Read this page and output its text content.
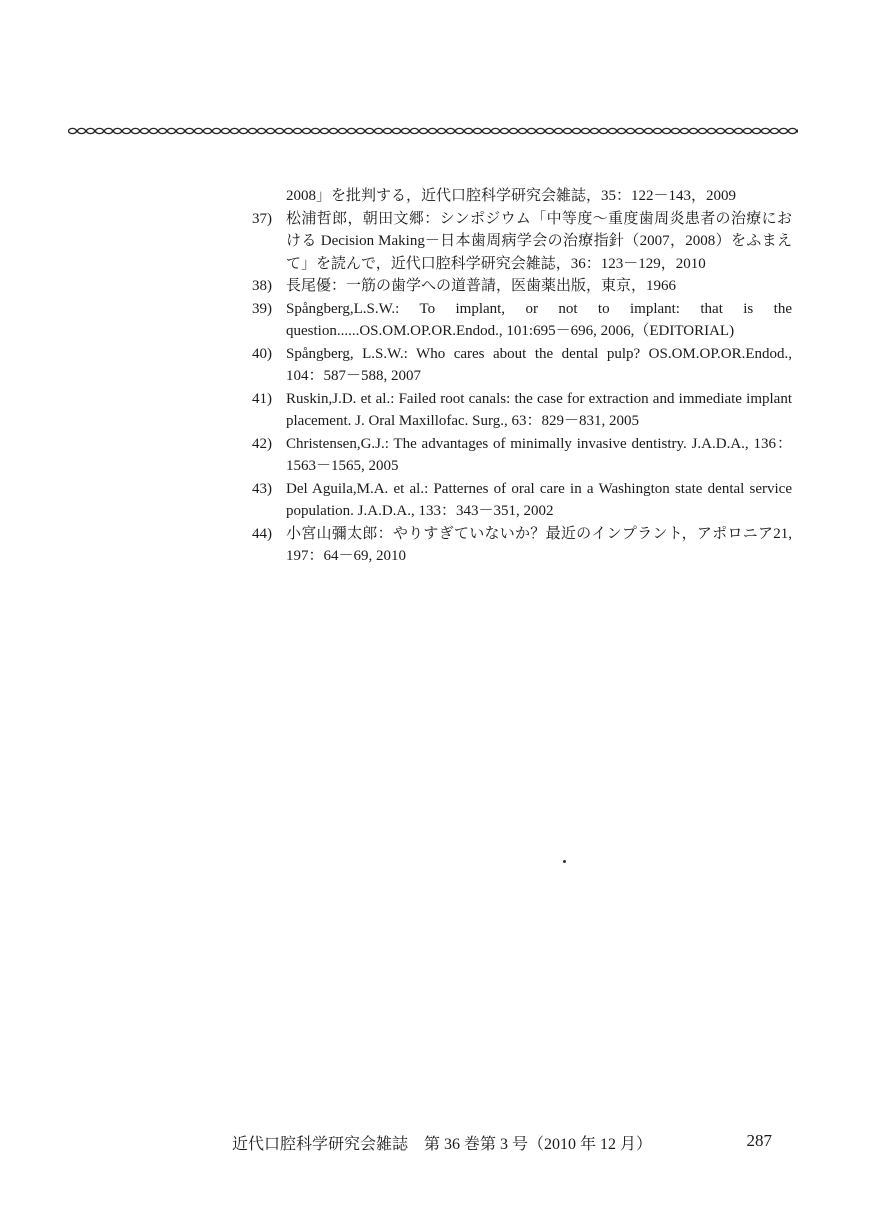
2008」を批判する，近代口腔科学研究会雑誌，35：122－143，2009
37) 松浦哲郎，朝田文郷：シンポジウム「中等度～重度歯周炎患者の治療における Decision Making－日本歯周病学会の治療指針（2007，2008）をふまえて」を読んで，近代口腔科学研究会雑誌，36：123－129，2010
38) 長尾優：一筋の歯学への道普請，医歯薬出版，東京，1966
39) Spångberg,L.S.W.: To implant, or not to implant: that is the question......OS.OM.OP.OR.Endod., 101:695－696, 2006,（EDITORIAL)
40) Spångberg, L.S.W.: Who cares about the dental pulp? OS.OM.OP.OR.Endod., 104：587－588, 2007
41) Ruskin,J.D. et al.: Failed root canals: the case for extraction and immediate implant placement. J. Oral Maxillofac. Surg., 63：829－831, 2005
42) Christensen,G.J.: The advantages of minimally invasive dentistry. J.A.D.A., 136：1563－1565, 2005
43) Del Aguila,M.A. et al.: Patternes of oral care in a Washington state dental service population. J.A.D.A., 133：343－351, 2002
44) 小宮山彌太郎：やりすぎていないか？最近のインプラント，アポロニア21, 197：64－69, 2010
近代口腔科学研究会雑誌　第 36 巻第 3 号（2010 年 12 月）	287
